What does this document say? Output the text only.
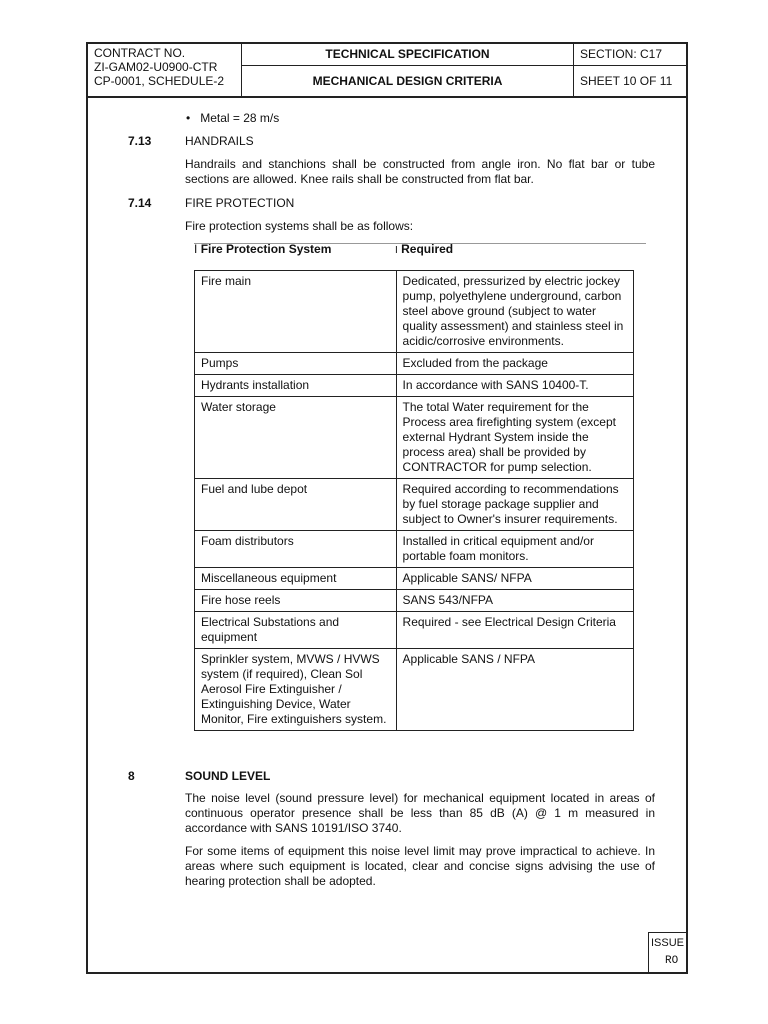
CONTRACT NO.
ZI-GAM02-U0900-CTR
CP-0001, SCHEDULE-2
TECHNICAL SPECIFICATION
MECHANICAL DESIGN CRITERIA
SECTION: C17
SHEET 10 OF 11
• Metal = 28 m/s
7.13	HANDRAILS
Handrails and stanchions shall be constructed from angle iron. No flat bar or tube sections are allowed. Knee rails shall be constructed from flat bar.
7.14	FIRE PROTECTION
Fire protection systems shall be as follows:
I Fire Protection System	I Required
Fire main	Dedicated, pressurized by electric jockey pump, polyethylene underground, carbon steel above ground (subject to water quality assessment) and stainless steel in acidic/corrosive environments.
Pumps	Excluded from the package
Hydrants installation	In accordance with SANS 10400-T.
Water storage	The total Water requirement for the Process area firefighting system (except external Hydrant System inside the process area) shall be provided by CONTRACTOR for pump selection.
Fuel and lube depot	Required according to recommendations by fuel storage package supplier and subject to Owner's insurer requirements.
Foam distributors	Installed in critical equipment and/or portable foam monitors.
Miscellaneous equipment	Applicable SANS/ NFPA
Fire hose reels	SANS 543/NFPA
Electrical Substations and equipment	Required - see Electrical Design Criteria
Sprinkler system, MVWS / HVWS system (if required), Clean Sol Aerosol Fire Extinguisher / Extinguishing Device, Water Monitor, Fire extinguishers system.	Applicable SANS / NFPA
8	SOUND LEVEL
The noise level (sound pressure level) for mechanical equipment located in areas of continuous operator presence shall be less than 85 dB (A) @ 1 m measured in accordance with SANS 10191/ISO 3740.
For some items of equipment this noise level limit may prove impractical to achieve. In areas where such equipment is located, clear and concise signs advising the use of hearing protection shall be adopted.
ISSUE
RO
